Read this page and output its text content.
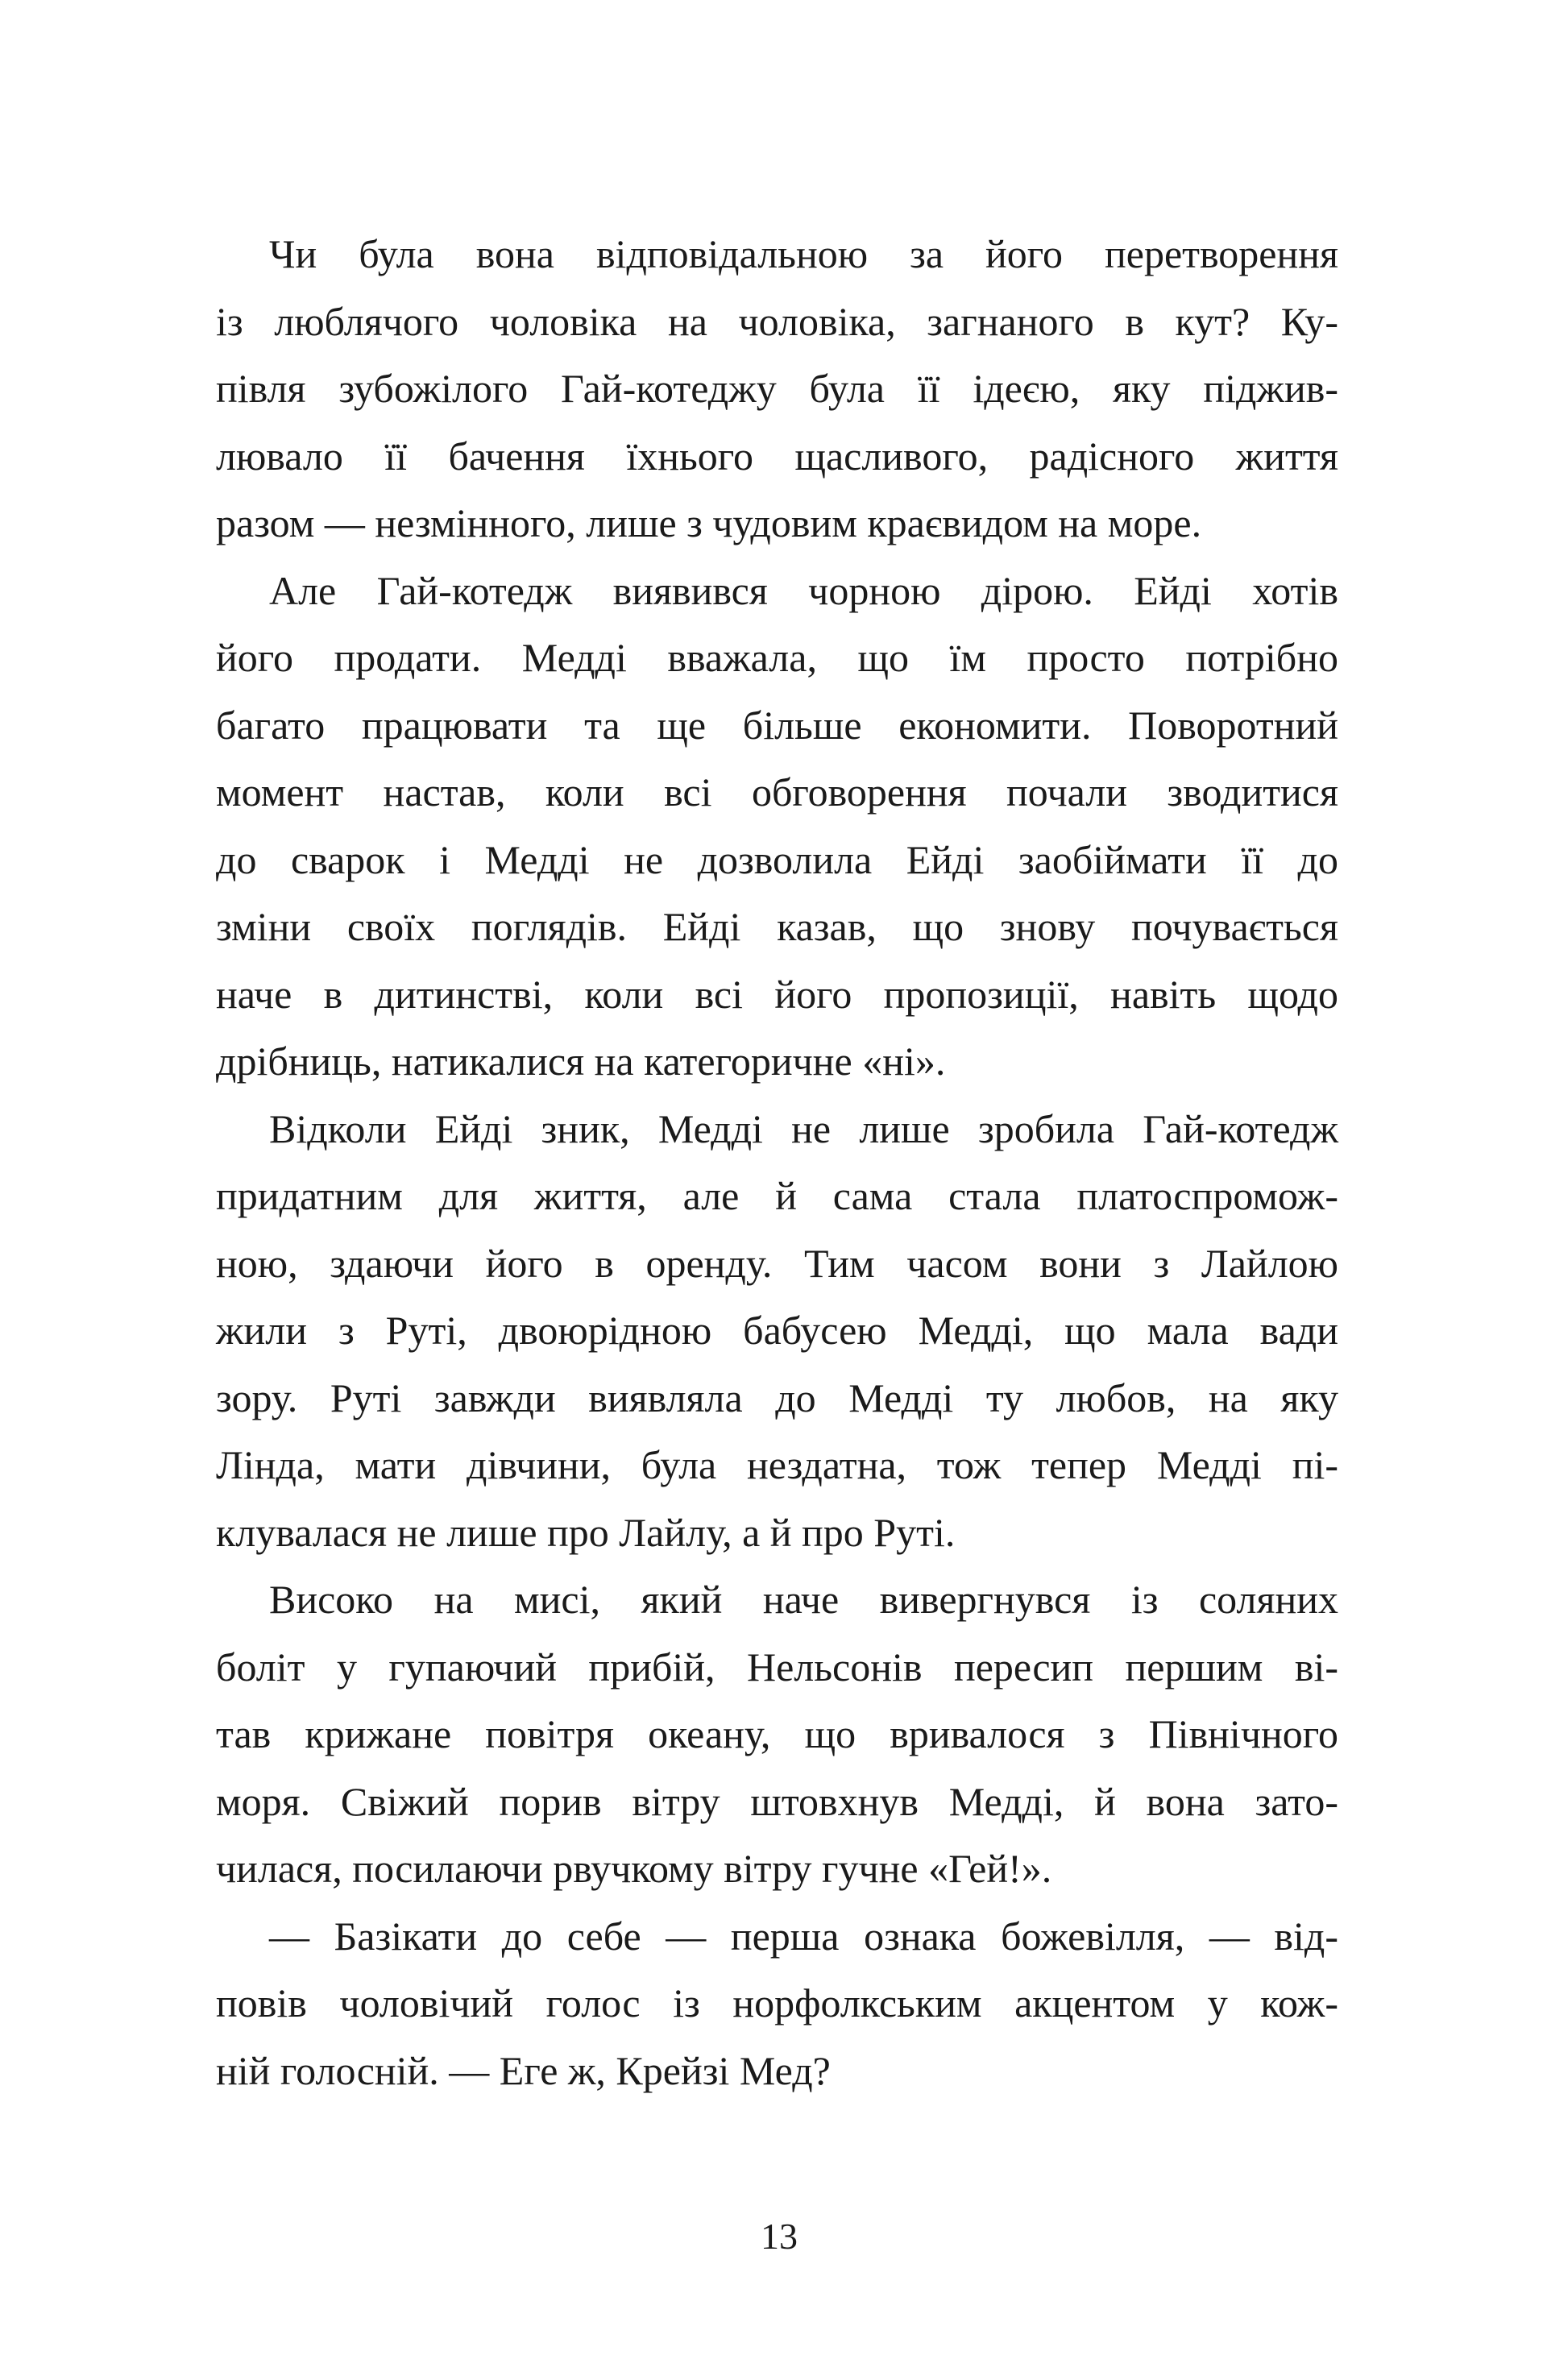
Чи була вона відповідальною за його перетворення
із люблячого чоловіка на чоловіка, загнаного в кут? Ку-
півля зубожілого Гай-котеджу була її ідеєю, яку піджив-
лювало її бачення їхнього щасливого, радісного життя
разом — незмінного, лише з чудовим краєвидом на море.
Але Гай-котедж виявився чорною дірою. Ейді хотів
його продати. Медді вважала, що їм просто потрібно
багато працювати та ще більше економити. Поворотний
момент настав, коли всі обговорення почали зводитися
до сварок і Медді не дозволила Ейді заобіймати її до
зміни своїх поглядів. Ейді казав, що знову почувається
наче в дитинстві, коли всі його пропозиції, навіть щодо
дрібниць, натикалися на категоричне «ні».
Відколи Ейді зник, Медді не лише зробила Гай-котедж
придатним для життя, але й сама стала платоспромож-
ною, здаючи його в оренду. Тим часом вони з Лайлою
жили з Руті, двоюрідною бабусею Медді, що мала вади
зору. Руті завжди виявляла до Медді ту любов, на яку
Лінда, мати дівчини, була нездатна, тож тепер Медді пі-
клувалася не лише про Лайлу, а й про Руті.
Високо на мисі, який наче вивергнувся із соляних
боліт у гупаючий прибій, Нельсонів пересип першим ві-
тав крижане повітря океану, що вривалося з Північного
моря. Свіжий порив вітру штовхнув Медді, й вона зато-
чилася, посилаючи рвучкому вітру гучне «Гей!».
— Базікати до себе — перша ознака божевілля, — від-
повів чоловічий голос із норфолкським акцентом у кож-
ній голосній. — Еге ж, Крейзі Мед?
13
